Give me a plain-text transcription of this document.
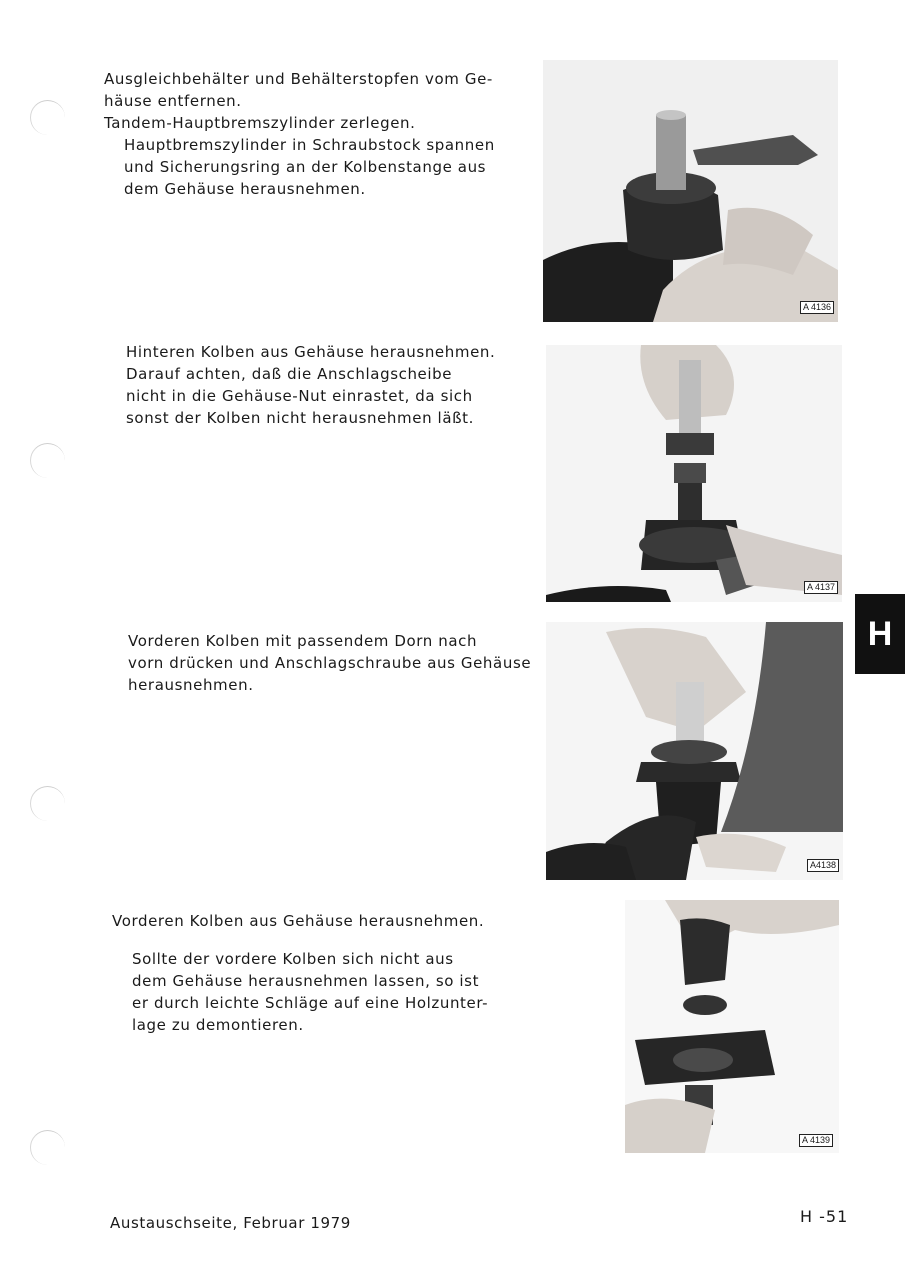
Ausgleichbehälter und Behälterstopfen vom Ge-

häuse entfernen.

Tandem-Hauptbremszylinder zerlegen.

Hauptbremszylinder in Schraubstock spannen

und Sicherungsring an der Kolbenstange aus

dem Gehäuse herausnehmen.

A 4136

Hinteren Kolben aus Gehäuse herausnehmen.

Darauf achten, daß die Anschlagscheibe

nicht in die Gehäuse-Nut einrastet, da sich

sonst der Kolben nicht herausnehmen läßt.

A 4137
H

Vorderen Kolben mit passendem Dorn nach

vorn drücken und Anschlagschraube aus Gehäuse

herausnehmen.

A4138

Vorderen Kolben aus Gehäuse herausnehmen.

Sollte der vordere Kolben sich nicht aus

dem Gehäuse herausnehmen lassen, so ist

er durch leichte Schläge auf eine Holzunter-

lage zu demontieren.

A 4139
Austauschseite, Februar 1979	H -51
